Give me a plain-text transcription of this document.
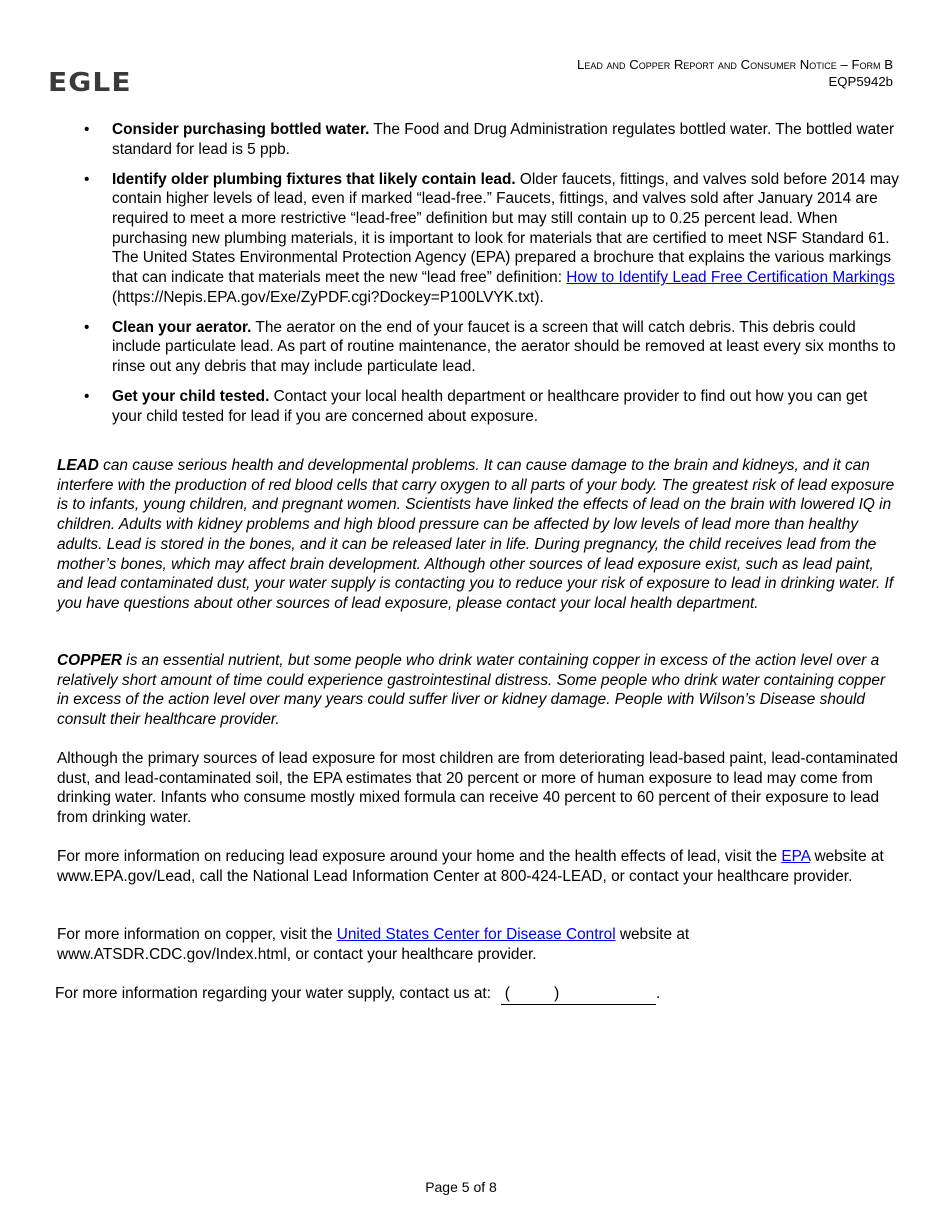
EGLE
Lead and Copper Report and Consumer Notice – Form B
EQP5942b
• Consider purchasing bottled water. The Food and Drug Administration regulates bottled water. The bottled water standard for lead is 5 ppb.
• Identify older plumbing fixtures that likely contain lead. Older faucets, fittings, and valves sold before 2014 may contain higher levels of lead, even if marked “lead-free.” Faucets, fittings, and valves sold after January 2014 are required to meet a more restrictive “lead-free” definition but may still contain up to 0.25 percent lead. When purchasing new plumbing materials, it is important to look for materials that are certified to meet NSF Standard 61. The United States Environmental Protection Agency (EPA) prepared a brochure that explains the various markings that can indicate that materials meet the new “lead free” definition: How to Identify Lead Free Certification Markings (https://Nepis.EPA.gov/Exe/ZyPDF.cgi?Dockey=P100LVYK.txt).
• Clean your aerator. The aerator on the end of your faucet is a screen that will catch debris. This debris could include particulate lead. As part of routine maintenance, the aerator should be removed at least every six months to rinse out any debris that may include particulate lead.
• Get your child tested. Contact your local health department or healthcare provider to find out how you can get your child tested for lead if you are concerned about exposure.

LEAD can cause serious health and developmental problems. It can cause damage to the brain and kidneys, and it can interfere with the production of red blood cells that carry oxygen to all parts of your body. The greatest risk of lead exposure is to infants, young children, and pregnant women. Scientists have linked the effects of lead on the brain with lowered IQ in children. Adults with kidney problems and high blood pressure can be affected by low levels of lead more than healthy adults. Lead is stored in the bones, and it can be released later in life. During pregnancy, the child receives lead from the mother’s bones, which may affect brain development. Although other sources of lead exposure exist, such as lead paint, and lead contaminated dust, your water supply is contacting you to reduce your risk of exposure to lead in drinking water. If you have questions about other sources of lead exposure, please contact your local health department.

COPPER is an essential nutrient, but some people who drink water containing copper in excess of the action level over a relatively short amount of time could experience gastrointestinal distress. Some people who drink water containing copper in excess of the action level over many years could suffer liver or kidney damage. People with Wilson’s Disease should consult their healthcare provider.

Although the primary sources of lead exposure for most children are from deteriorating lead-based paint, lead-contaminated dust, and lead-contaminated soil, the EPA estimates that 20 percent or more of human exposure to lead may come from drinking water. Infants who consume mostly mixed formula can receive 40 percent to 60 percent of their exposure to lead from drinking water.

For more information on reducing lead exposure around your home and the health effects of lead, visit the EPA website at www.EPA.gov/Lead, call the National Lead Information Center at 800-424-LEAD, or contact your healthcare provider.

For more information on copper, visit the United States Center for Disease Control website at www.ATSDR.CDC.gov/Index.html, or contact your healthcare provider.

For more information regarding your water supply, contact us at: ( )	.
Page 5 of 8
